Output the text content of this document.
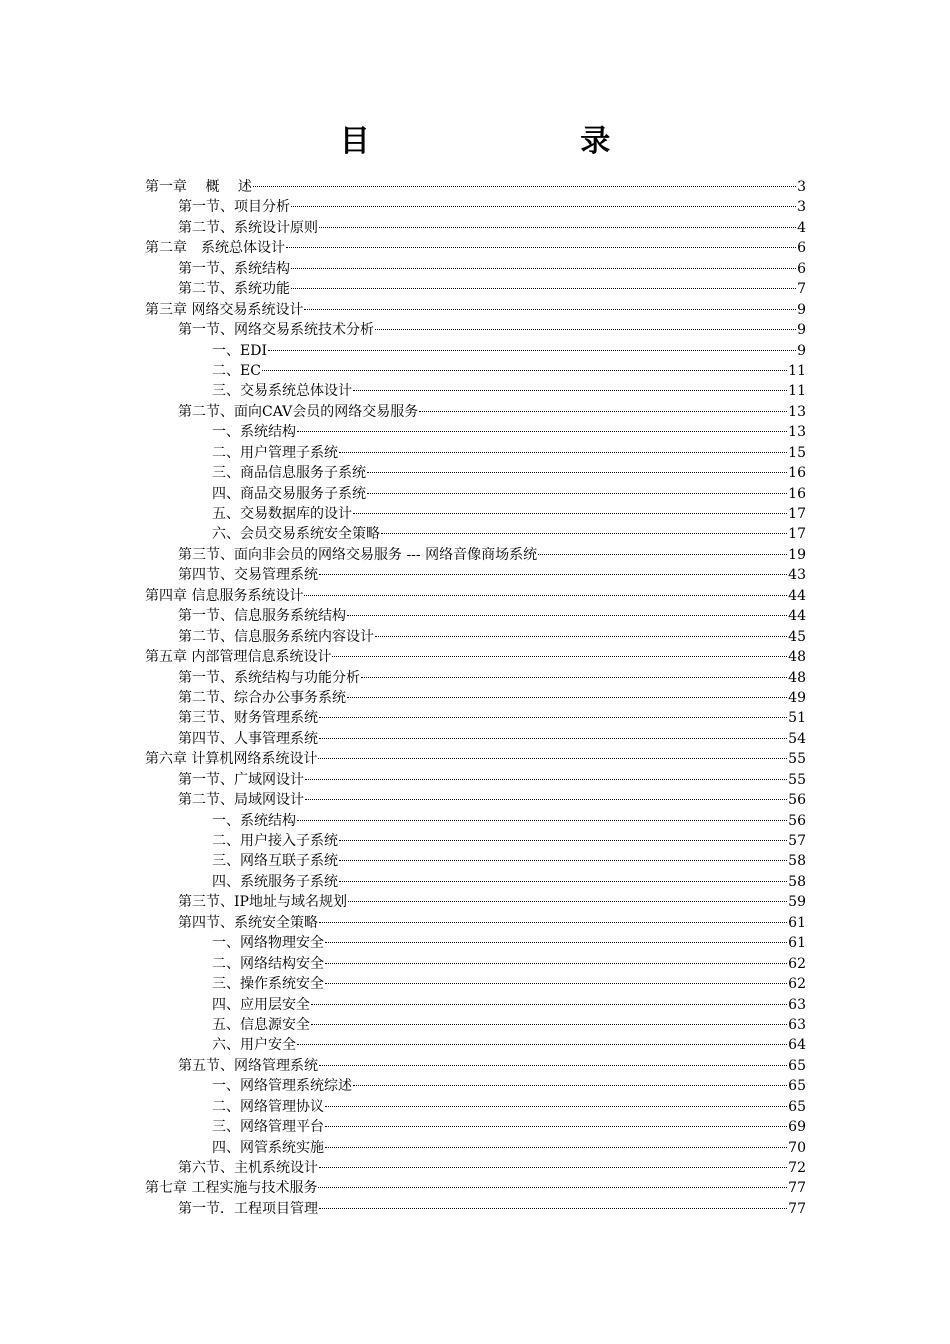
目 录
第一章　 概　 述	3
第一节、项目分析	3
第二节、系统设计原则	4
第二章　系统总体设计	6
第一节、系统结构	6
第二节、系统功能	7
第三章 网络交易系统设计	9
第一节、网络交易系统技术分析	9
一、EDI	9
二、EC	11
三、交易系统总体设计	11
第二节、面向CAV会员的网络交易服务	13
一、系统结构	13
二、用户管理子系统	15
三、商品信息服务子系统	16
四、商品交易服务子系统	16
五、交易数据库的设计	17
六、会员交易系统安全策略	17
第三节、面向非会员的网络交易服务 --- 网络音像商场系统	19
第四节、交易管理系统	43
第四章 信息服务系统设计	44
第一节、信息服务系统结构	44
第二节、信息服务系统内容设计	45
第五章 内部管理信息系统设计	48
第一节、系统结构与功能分析	48
第二节、综合办公事务系统	49
第三节、财务管理系统	51
第四节、人事管理系统	54
第六章 计算机网络系统设计	55
第一节、广域网设计	55
第二节、局域网设计	56
一、系统结构	56
二、用户接入子系统	57
三、网络互联子系统	58
四、系统服务子系统	58
第三节、IP地址与域名规划	59
第四节、系统安全策略	61
一、网络物理安全	61
二、网络结构安全	62
三、操作系统安全	62
四、应用层安全	63
五、信息源安全	63
六、用户安全	64
第五节、网络管理系统	65
一、网络管理系统综述	65
二、网络管理协议	65
三、网络管理平台	69
四、网管系统实施	70
第六节、主机系统设计	72
第七章 工程实施与技术服务	77
第一节．工程项目管理	77
